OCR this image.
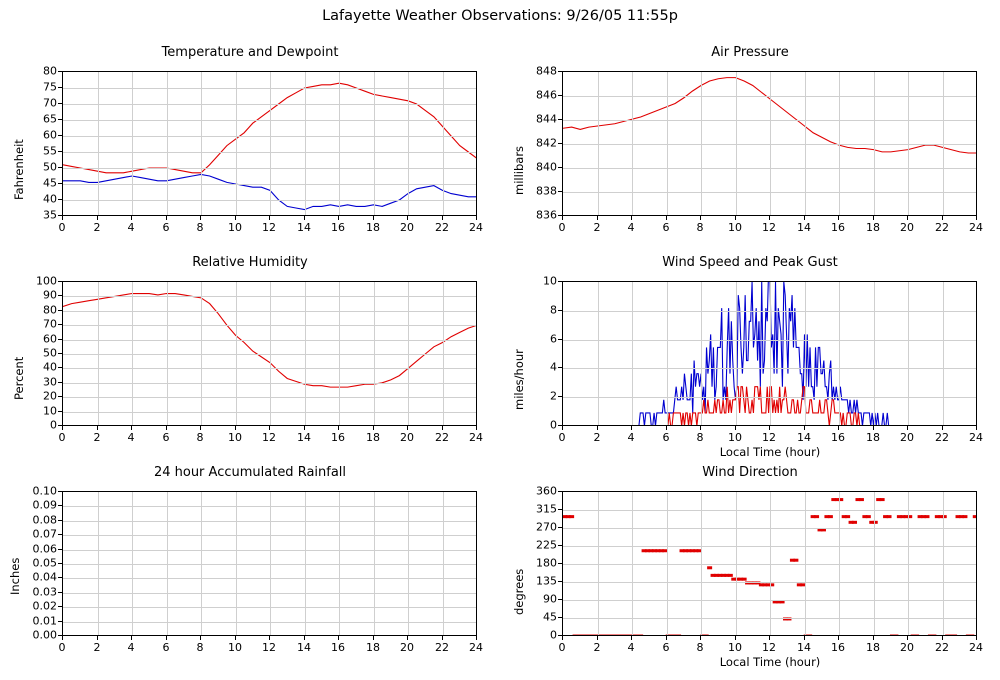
Lafayette Weather Observations: 9/26/05 11:55p
Temperature and Dewpoint
Fahrenheit
0	2 4	6 8 10 12 14 16 18 20 22 24
35
40
45
50
55
60
65
70
75
80
Air Pressure
millibars
0	2 4	6 8 10 12 14 16 18 20 22 24
836
838
840
842
844
846
848
Relative Humidity
Percent
0	2 4	6 8 10 12 14 16 18 20 22 24
0
10
20
30
40
50
60
70
80
90
100
Wind Speed and Peak Gust
miles/hour
Local Time (hour)
0	2 4	6 8 10 12 14 16 18 20 22 24
0
2
4
6
8
10
24 hour Accumulated Rainfall
Inches
0	2 4	6 8 10 12 14 16 18 20 22 24
0.00
0.01
0.02
0.03
0.04
0.05
0.06
0.07
0.08
0.09
0.10
Wind Direction
degrees
Local Time (hour)
0	2 4	6 8 10 12 14 16 18 20 22 24
0
45
90
135
180
225
270
315
360
